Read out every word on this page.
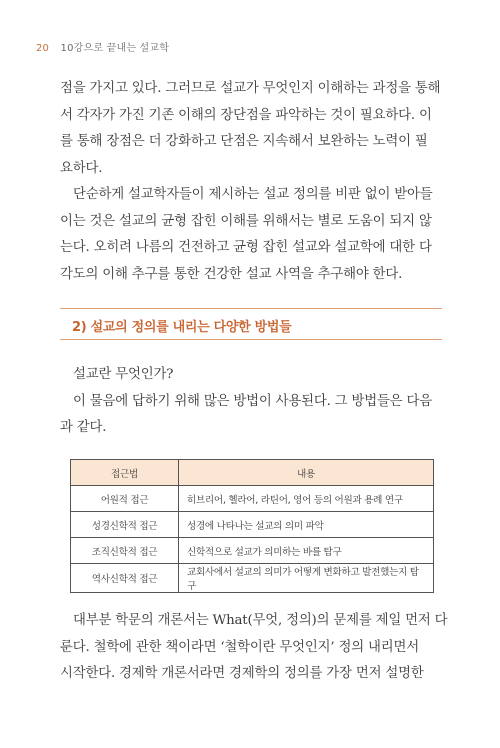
20 10강으로 끝내는 설교학
점을 가지고 있다. 그러므로 설교가 무엇인지 이해하는 과정을 통해
서 각자가 가진 기존 이해의 장단점을 파악하는 것이 필요하다. 이
를 통해 장점은 더 강화하고 단점은 지속해서 보완하는 노력이 필
요하다.
단순하게 설교학자들이 제시하는 설교 정의를 비판 없이 받아들
이는 것은 설교의 균형 잡힌 이해를 위해서는 별로 도움이 되지 않
는다. 오히려 나름의 건전하고 균형 잡힌 설교와 설교학에 대한 다
각도의 이해 추구를 통한 건강한 설교 사역을 추구해야 한다.
2) 설교의 정의를 내리는 다양한 방법들
설교란 무엇인가?
이 물음에 답하기 위해 많은 방법이 사용된다. 그 방법들은 다음
과 같다.
접근법	내용
어원적 접근	히브리어, 헬라어, 라틴어, 영어 등의 어원과 용례 연구
성경신학적 접근	성경에 나타나는 설교의 의미 파악
조직신학적 접근	신학적으로 설교가 의미하는 바를 탐구
역사신학적 접근	교회사에서 설교의 의미가 어떻게 변화하고 발전했는지 탐구
대부분 학문의 개론서는 What(무엇, 정의)의 문제를 제일 먼저 다
룬다. 철학에 관한 책이라면 ‘철학이란 무엇인지’ 정의 내리면서
시작한다. 경제학 개론서라면 경제학의 정의를 가장 먼저 설명한
